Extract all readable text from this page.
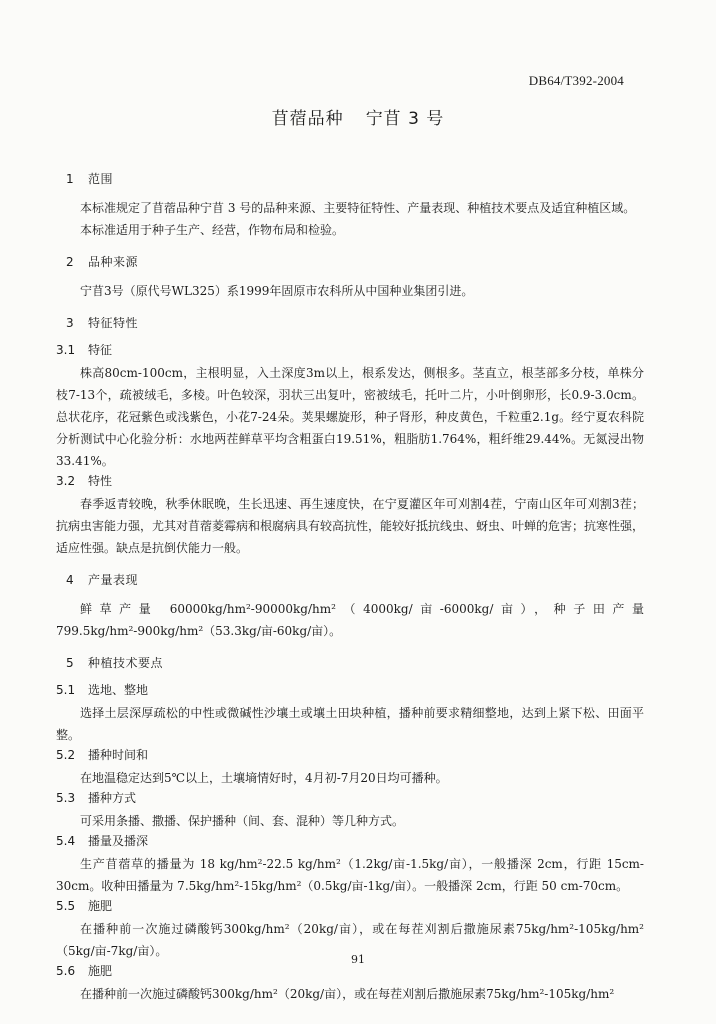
DB64/T392-2004
苜蓿品种 宁苜 3 号
1 范围

本标准规定了苜蓿品种宁苜 3 号的品种来源、主要特征特性、产量表现、种植技术要点及适宜种植区域。

本标准适用于种子生产、经营，作物布局和检验。

2 品种来源

宁苜3号（原代号WL325）系1999年固原市农科所从中国种业集团引进。

3 特征特性
3.1 特征

株高80cm-100cm，主根明显，入土深度3m以上，根系发达，侧根多。茎直立，根茎部多分枝，单株分枝7-13个，疏被绒毛，多棱。叶色较深，羽状三出复叶，密被绒毛，托叶二片，小叶倒卵形，长0.9-3.0cm。总状花序，花冠紫色或浅紫色，小花7-24朵。荚果螺旋形，种子肾形，种皮黄色，千粒重2.1g。经宁夏农科院分析测试中心化验分析：水地两茬鲜草平均含粗蛋白19.51%，粗脂肪1.764%，粗纤维29.44%。无氮浸出物33.41%。

3.2 特性

春季返青较晚，秋季休眠晚，生长迅速、再生速度快，在宁夏灌区年可刈割4茬，宁南山区年可刈割3茬；抗病虫害能力强，尤其对苜蓿菱霉病和根腐病具有较高抗性，能较好抵抗线虫、蚜虫、叶蝉的危害；抗寒性强，适应性强。缺点是抗倒伏能力一般。

4 产量表现

鲜草产量 60000kg/hm²-90000kg/hm²（4000kg/亩-6000kg/亩），种子田产量 799.5kg/hm²-900kg/hm²（53.3kg/亩-60kg/亩）。

5 种植技术要点
5.1 选地、整地

选择土层深厚疏松的中性或微碱性沙壤土或壤土田块种植，播种前要求精细整地，达到上紧下松、田面平整。

5.2 播种时间和

在地温稳定达到5℃以上，土壤墒情好时，4月初-7月20日均可播种。

5.3 播种方式

可采用条播、撒播、保护播种（间、套、混种）等几种方式。

5.4 播量及播深

生产苜蓿草的播量为 18 kg/hm²-22.5 kg/hm²（1.2kg/亩-1.5kg/亩），一般播深 2cm，行距 15cm-30cm。收种田播量为 7.5kg/hm²-15kg/hm²（0.5kg/亩-1kg/亩）。一般播深 2cm，行距 50 cm-70cm。

5.5 施肥

在播种前一次施过磷酸钙300kg/hm²（20kg/亩），或在每茬刈割后撒施尿素75kg/hm²-105kg/hm²（5kg/亩-7kg/亩）。

5.6 施肥

在播种前一次施过磷酸钙300kg/hm²（20kg/亩），或在每茬刈割后撒施尿素75kg/hm²-105kg/hm²

91
